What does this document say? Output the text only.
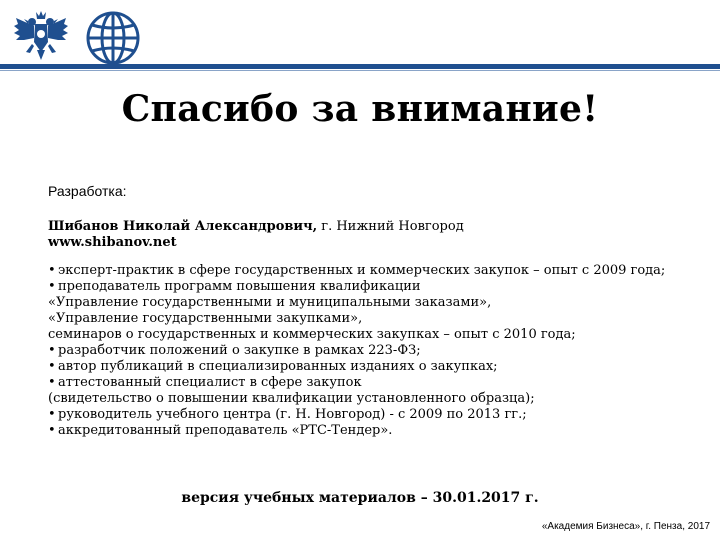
Спасибо за внимание!
Разработка:
Шибанов Николай Александрович, г. Нижний Новгород
www.shibanov.net
• эксперт-практик в сфере государственных и коммерческих закупок – опыт с 2009 года;
• преподаватель программ повышения квалификации
«Управление государственными и муниципальными заказами»,
«Управление государственными закупками»,
семинаров о государственных и коммерческих закупках – опыт с 2010 года;
• разработчик положений о закупке в рамках 223-ФЗ;
• автор публикаций в специализированных изданиях о закупках;
• аттестованный специалист в сфере закупок
(свидетельство о повышении квалификации установленного образца);
• руководитель учебного центра (г. Н. Новгород) - с 2009 по 2013 гг.;
• аккредитованный преподаватель «РТС-Тендер».
версия учебных материалов – 30.01.2017 г.
«Академия Бизнеса», г. Пенза, 2017
